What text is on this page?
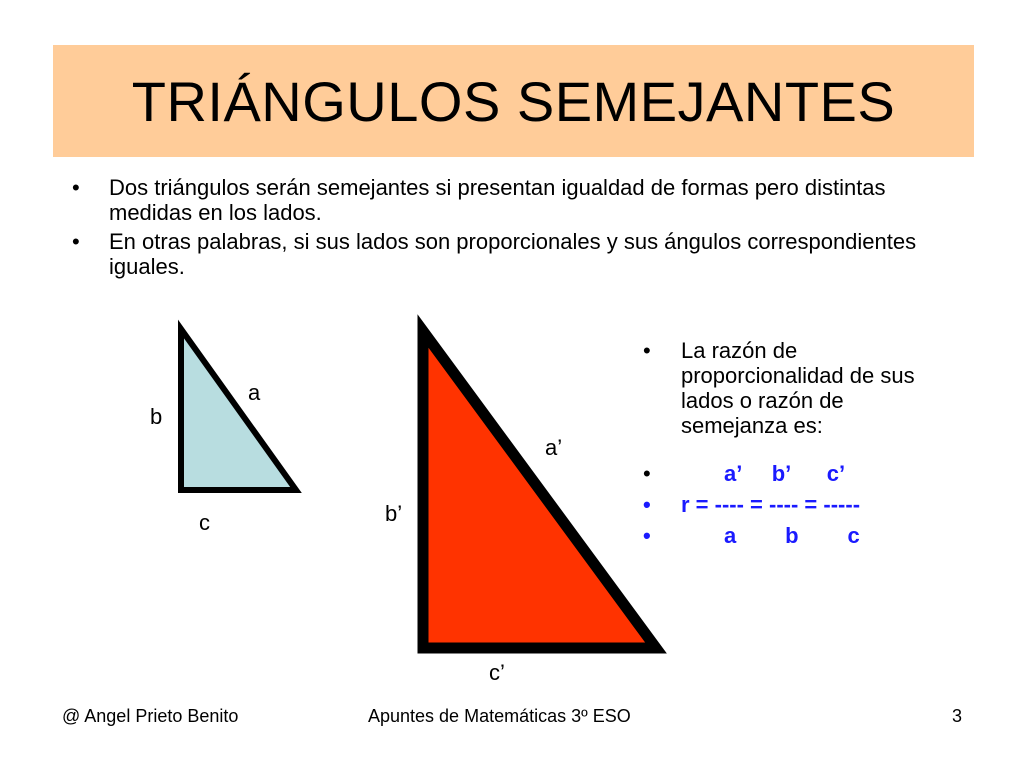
TRIÁNGULOS SEMEJANTES
• Dos triángulos serán semejantes si presentan igualdad de formas pero distintas medidas en los lados.
• En otras palabras, si sus lados son proporcionales y sus ángulos correspondientes iguales.
a
b
c
a’
b’
c’
• La razón de proporcionalidad de sus lados o razón de semejanza es:
•	a’     b’      c’
• r = ---- = ---- = -----
•	a        b        c
@ Angel Prieto Benito	Apuntes de Matemáticas 3º ESO	3
